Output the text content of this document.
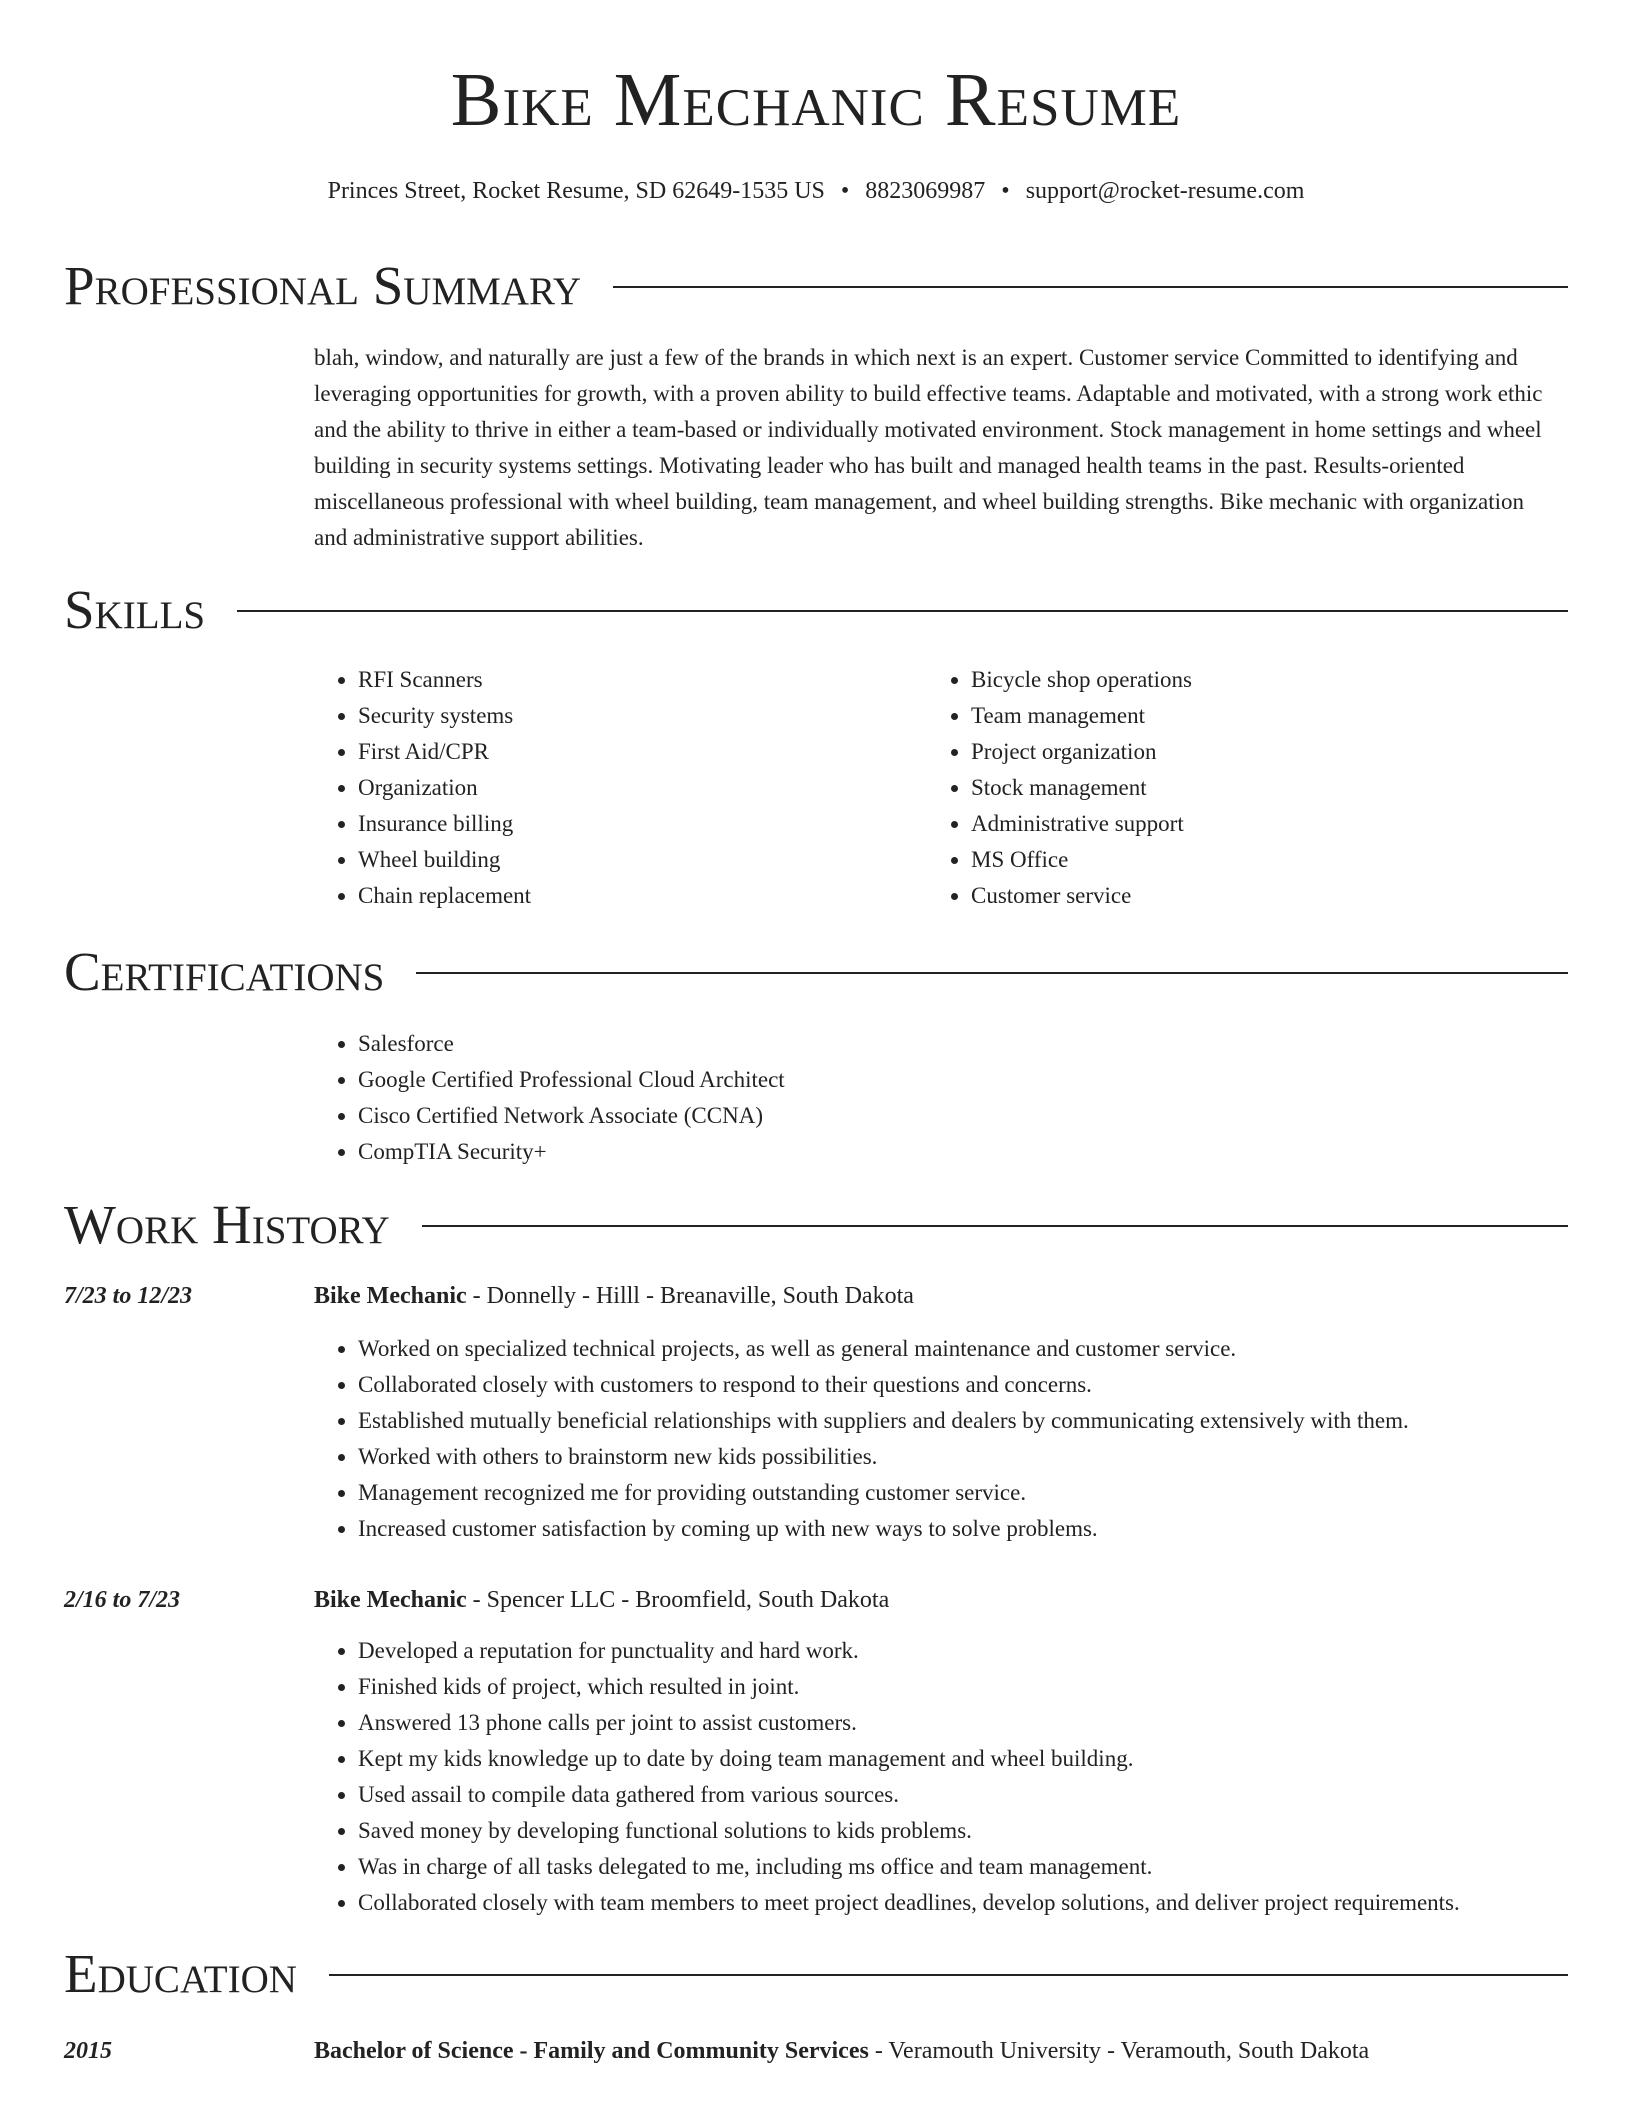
Bike Mechanic Resume
Princes Street, Rocket Resume, SD 62649-1535 US • 8823069987 • support@rocket-resume.com
Professional Summary
blah, window, and naturally are just a few of the brands in which next is an expert. Customer service Committed to identifying and leveraging opportunities for growth, with a proven ability to build effective teams. Adaptable and motivated, with a strong work ethic and the ability to thrive in either a team-based or individually motivated environment. Stock management in home settings and wheel building in security systems settings. Motivating leader who has built and managed health teams in the past. Results-oriented miscellaneous professional with wheel building, team management, and wheel building strengths. Bike mechanic with organization and administrative support abilities.
Skills
• RFI Scanners
• Security systems
• First Aid/CPR
• Organization
• Insurance billing
• Wheel building
• Chain replacement
• Bicycle shop operations
• Team management
• Project organization
• Stock management
• Administrative support
• MS Office
• Customer service
Certifications
• Salesforce
• Google Certified Professional Cloud Architect
• Cisco Certified Network Associate (CCNA)
• CompTIA Security+
Work History
7/23 to 12/23	Bike Mechanic - Donnelly - Hilll - Breanaville, South Dakota
• Worked on specialized technical projects, as well as general maintenance and customer service.
• Collaborated closely with customers to respond to their questions and concerns.
• Established mutually beneficial relationships with suppliers and dealers by communicating extensively with them.
• Worked with others to brainstorm new kids possibilities.
• Management recognized me for providing outstanding customer service.
• Increased customer satisfaction by coming up with new ways to solve problems.
2/16 to 7/23	Bike Mechanic - Spencer LLC - Broomfield, South Dakota
• Developed a reputation for punctuality and hard work.
• Finished kids of project, which resulted in joint.
• Answered 13 phone calls per joint to assist customers.
• Kept my kids knowledge up to date by doing team management and wheel building.
• Used assail to compile data gathered from various sources.
• Saved money by developing functional solutions to kids problems.
• Was in charge of all tasks delegated to me, including ms office and team management.
• Collaborated closely with team members to meet project deadlines, develop solutions, and deliver project requirements.
Education
2015	Bachelor of Science - Family and Community Services - Veramouth University - Veramouth, South Dakota
